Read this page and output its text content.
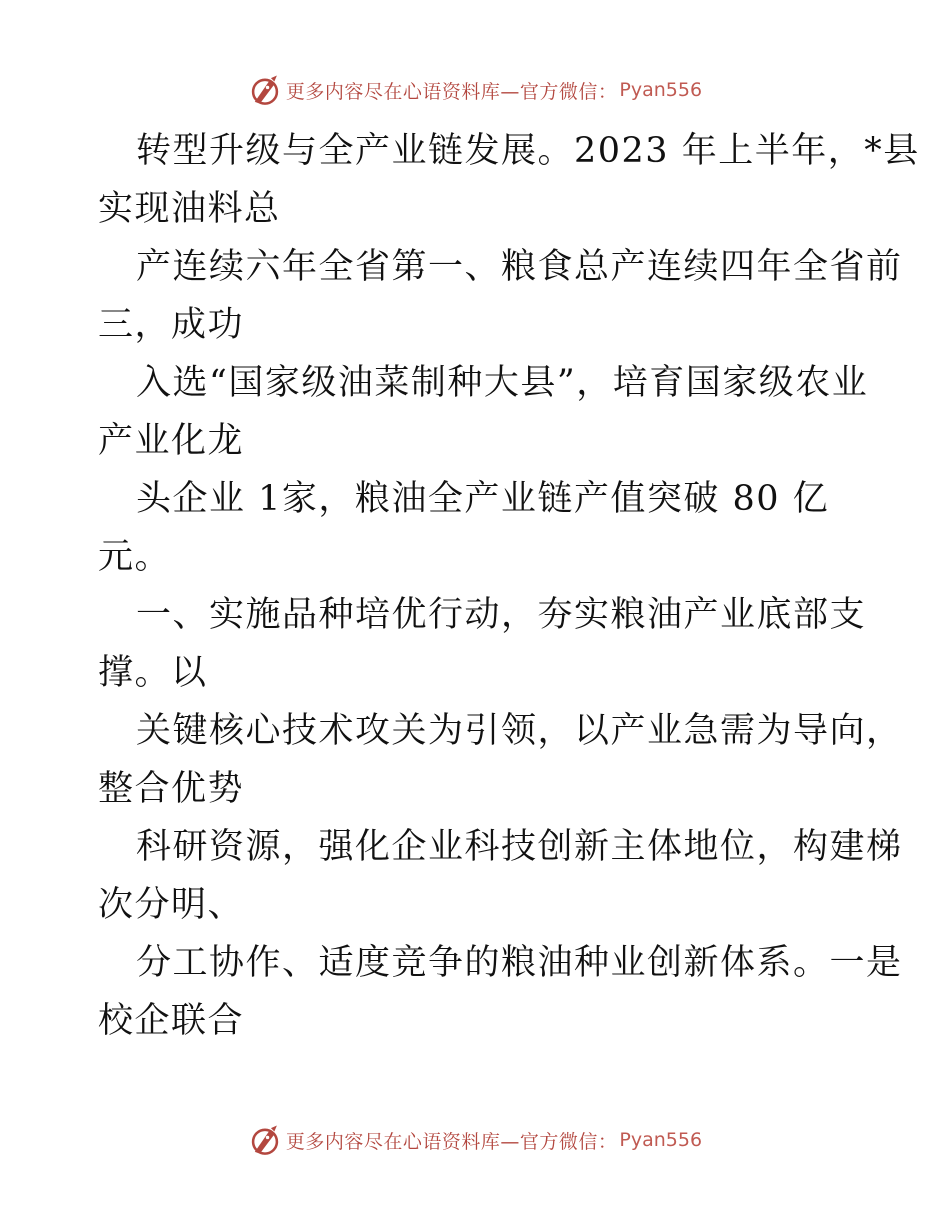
更多内容尽在心语资料库—官方微信： Pyan556

转型升级与全产业链发展。2023 年上半年，*县
实现油料总

产连续六年全省第一、粮食总产连续四年全省前
三，成功

入选“国家级油菜制种大县”，培育国家级农业
产业化龙

头企业 1家，粮油全产业链产值突破 80 亿
元。

一、实施品种培优行动，夯实粮油产业底部支
撑。以

关键核心技术攻关为引领，以产业急需为导向，
整合优势

科研资源，强化企业科技创新主体地位，构建梯
次分明、

分工协作、适度竞争的粮油种业创新体系。一是
校企联合

更多内容尽在心语资料库—官方微信： Pyan556
